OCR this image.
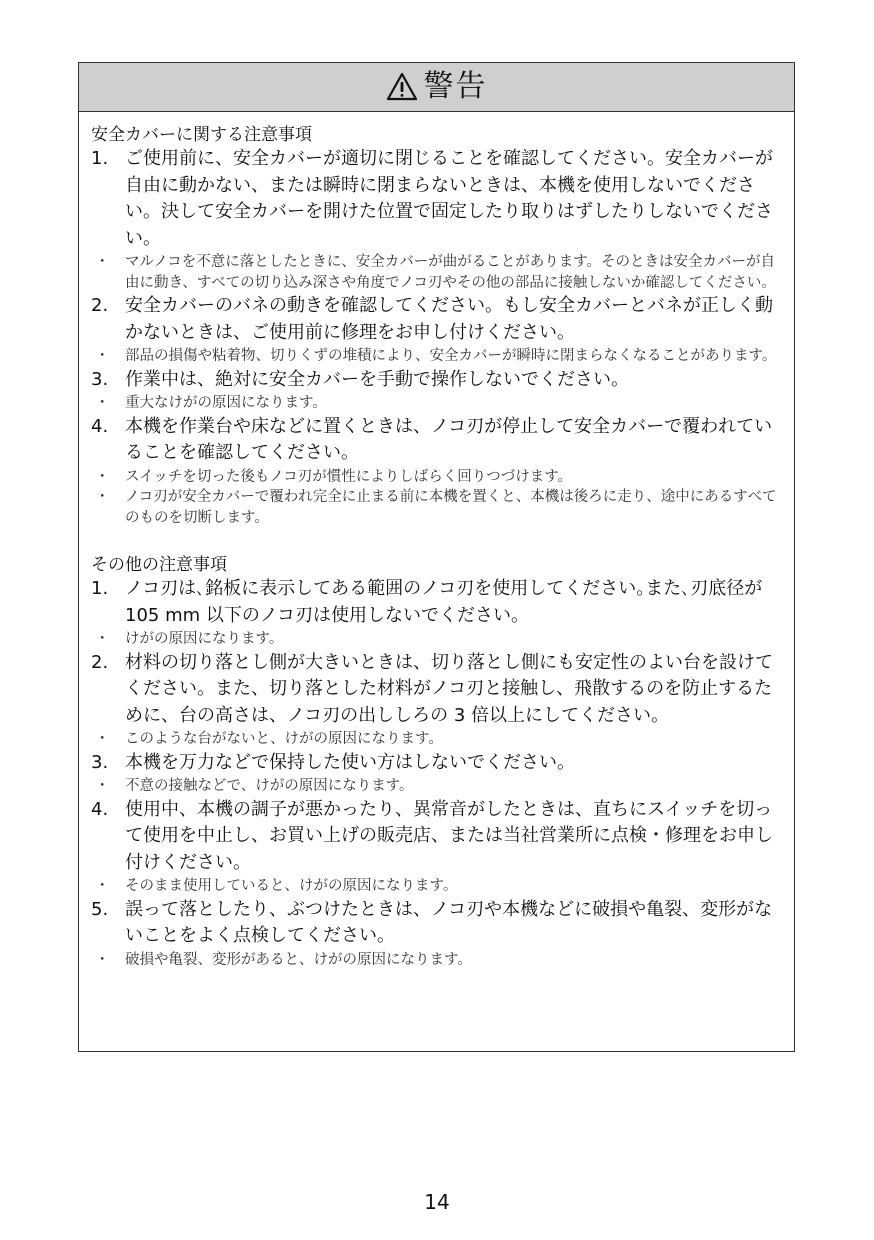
警告

安全カバーに関する注意事項

1. ご使用前に、安全カバーが適切に閉じることを確認してください。安全カバーが自由に動かない、または瞬時に閉まらないときは、本機を使用しないでください。決して安全カバーを開けた位置で固定したり取りはずしたりしないでください。
・	マルノコを不意に落としたときに、安全カバーが曲がることがあります。そのときは安全カバーが自由に動き、すべての切り込み深さや角度でノコ刃やその他の部品に接触しないか確認してください。
2. 安全カバーのバネの動きを確認してください。もし安全カバーとバネが正しく動かないときは、ご使用前に修理をお申し付けください。
・	部品の損傷や粘着物、切りくずの堆積により、安全カバーが瞬時に閉まらなくなることがあります。
3. 作業中は、絶対に安全カバーを手動で操作しないでください。
・	重大なけがの原因になります。
4. 本機を作業台や床などに置くときは、ノコ刃が停止して安全カバーで覆われていることを確認してください。
・	スイッチを切った後もノコ刃が慣性によりしばらく回りつづけます。
・	ノコ刃が安全カバーで覆われ完全に止まる前に本機を置くと、本機は後ろに走り、途中にあるすべてのものを切断します。

その他の注意事項

1. ノコ刃は､銘板に表示してある範囲のノコ刃を使用してください｡また､刃底径が 105 mm 以下のノコ刃は使用しないでください。
・	けがの原因になります。
2. 材料の切り落とし側が大きいときは、切り落とし側にも安定性のよい台を設けてください。また、切り落とした材料がノコ刃と接触し、飛散するのを防止するために、台の高さは、ノコ刃の出ししろの 3 倍以上にしてください。
・	このような台がないと、けがの原因になります。
3. 本機を万力などで保持した使い方はしないでください。
・	不意の接触などで、けがの原因になります。
4. 使用中、本機の調子が悪かったり、異常音がしたときは、直ちにスイッチを切って使用を中止し、お買い上げの販売店、または当社営業所に点検・修理をお申し付けください。
・	そのまま使用していると、けがの原因になります。
5. 誤って落としたり、ぶつけたときは、ノコ刃や本機などに破損や亀裂、変形がないことをよく点検してください。
・	破損や亀裂、変形があると、けがの原因になります。
14
